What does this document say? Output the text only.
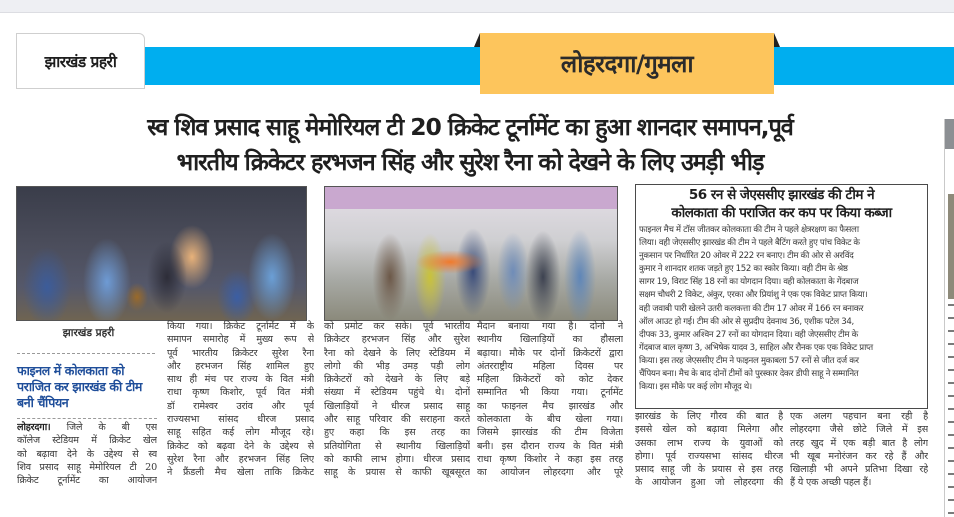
झारखंड प्रहरी	लोहरदगा/गुमला
स्व शिव प्रसाद साहू मेमोरियल टी 20 क्रिकेट टूर्नामेंट का हुआ शानदार समापन,पूर्व
भारतीय क्रिकेटर हरभजन सिंह और सुरेश रैना को देखने के लिए उमड़ी भीड़
झारखंड प्रहरी
फाइनल में कोलकाता को पराजित कर झारखंड की टीम बनी चैंपियन
लोहरदगा। जिले के बी एस
कॉलेज स्टेडियम में क्रिकेट खेल
को बढ़ावा देने के उद्देश्य से स्व
शिव प्रसाद साहू मेमोरियल टी 20
क्रिकेट टूर्नामेंट का आयोजन
किया गया। क्रिकेट टूर्नामेंट में के
समापन समारोह में मुख्य रूप से
पूर्व भारतीय क्रिकेटर सुरेश रैना
और हरभजन सिंह शामिल हुए
साथ ही मंच पर राज्य के वित मंत्री
राधा कृष्ण किशोर, पूर्व वित मंत्री
डॉ रामेश्वर उरांव और पूर्व
राज्यसभा सांसद धीरज प्रसाद
साहू सहित कई लोग मौजूद रहे।
क्रिकेट को बढ़वा देने के उद्देश्य से
सुरेश रैना और हरभजन सिंह लिए
ने फ्रैंडली मैच खेला ताकि क्रिकेट
को प्रमोट कर सके। पूर्व भारतीय
क्रिकेटर हरभजन सिंह और सुरेश
रैना को देखने के लिए स्टेडियम में
लोगो की भीड़ उमड़ पड़ी लोग
क्रिकेटरों को देखने के लिए बड़े
संख्या में स्टेडियम पहुंचे थे। दोनों
खिलाड़ियों ने धीरज प्रसाद साहू
और साहू परिवार की सराहना करते
हुए कहा कि इस तरह का
प्रतियोगिता से स्थानीय खिलाड़ियों
को काफी लाभ होगा। धीरज प्रसाद
साहू के प्रयास से काफी खूबसूरत
मैदान बनाया गया है। दोनो ने
स्थानीय खिलाड़ियों का हौसला
बढ़ाया। मौके पर दोनों क्रिकेटरों द्वारा
अंतरराष्ट्रीय महिला दिवस पर
महिला क्रिकेटरों को कोट देकर
सम्मानित भी किया गया। टूर्नामेंट
का फाइनल मैच झारखंड और
कोलकाता के बीच खेला गया।
जिसमे झारखंड की टीम विजेता
बनी। इस दौरान राज्य के वित मंत्री
राधा कृष्ण किशोर ने कहा इस तरह
का आयोजन लोहरदगा और पूरे
56 रन से जेएससीए झारखंड की टीम ने
कोलकाता की पराजित कर कप पर किया कब्जा
फाइनल मैच में टॉस जीतकर कोलकाता की टीम ने पहले क्षेत्ररक्षण का फैसला
लिया। वही जेएससीए झारखंड की टीम ने पहले बैटिंग करते हुए पांच विकेट के
नुकसान पर निर्धारित 20 ओवर में 222 रन बनाए। टीम की ओर से अरविंद
कुमार ने शानदार शतक जड़ते हुए 152 का स्कोर किया। वही टीम के श्रेष्ठ
सागर 19, विराट सिंह 18 रनों का योगदान दिया। वही कोलकाता के गेंदबाज
सक्षम चौधरी 2 विकेट, अंकुर, एरका और प्रियांशु ने एक एक विकेट प्राप्त किया।
वही जवाबी पारी खेलने उतरी कलकत्ता की टीम 17 ओवर में 166 रन बनाकर
ऑल आउट हो गई। टीम की ओर से सुप्रदीप देवनाथ 36, एशीक पटेल 34,
दीपक 33, कुमार अश्विन 27 रनों का योगदान दिया। वही जेएससीए टीम के
गेंदबाज बाल कृष्ण 3, अभिषेक यादव 3, साहिल और रौनक एक एक विकेट प्राप्त
किया। इस तरह जेएससीए टीम ने फाइनल मुकाबला 57 रनों से जीत दर्ज कर
चैंपियन बना। मैच के बाद दोनों टीमों को पुरस्कार देकर डीपी साहू ने सम्मानित
किया। इस मौके पर कई लोग मौजूद थे।
झारखंड के लिए गौरव की बात है
इससे खेल को बढ़ावा मिलेगा और
उसका लाभ राज्य के युवाओं को
होगा। पूर्व राज्यसभा सांसद धीरज
प्रसाद साहू जी के प्रयास से इस तरह
के आयोजन हुआ जो लोहरदगा की
एक अलग पहचान बना रही है
लोहरदगा जैसे छोटे जिले में इस
तरह खुद में एक बड़ी बात है लोग
भी खूब मनोरंजन कर रहे हैं और
खिलाड़ी भी अपने प्रतिभा दिखा रहे
हैं ये एक अच्छी पहल हैं।
